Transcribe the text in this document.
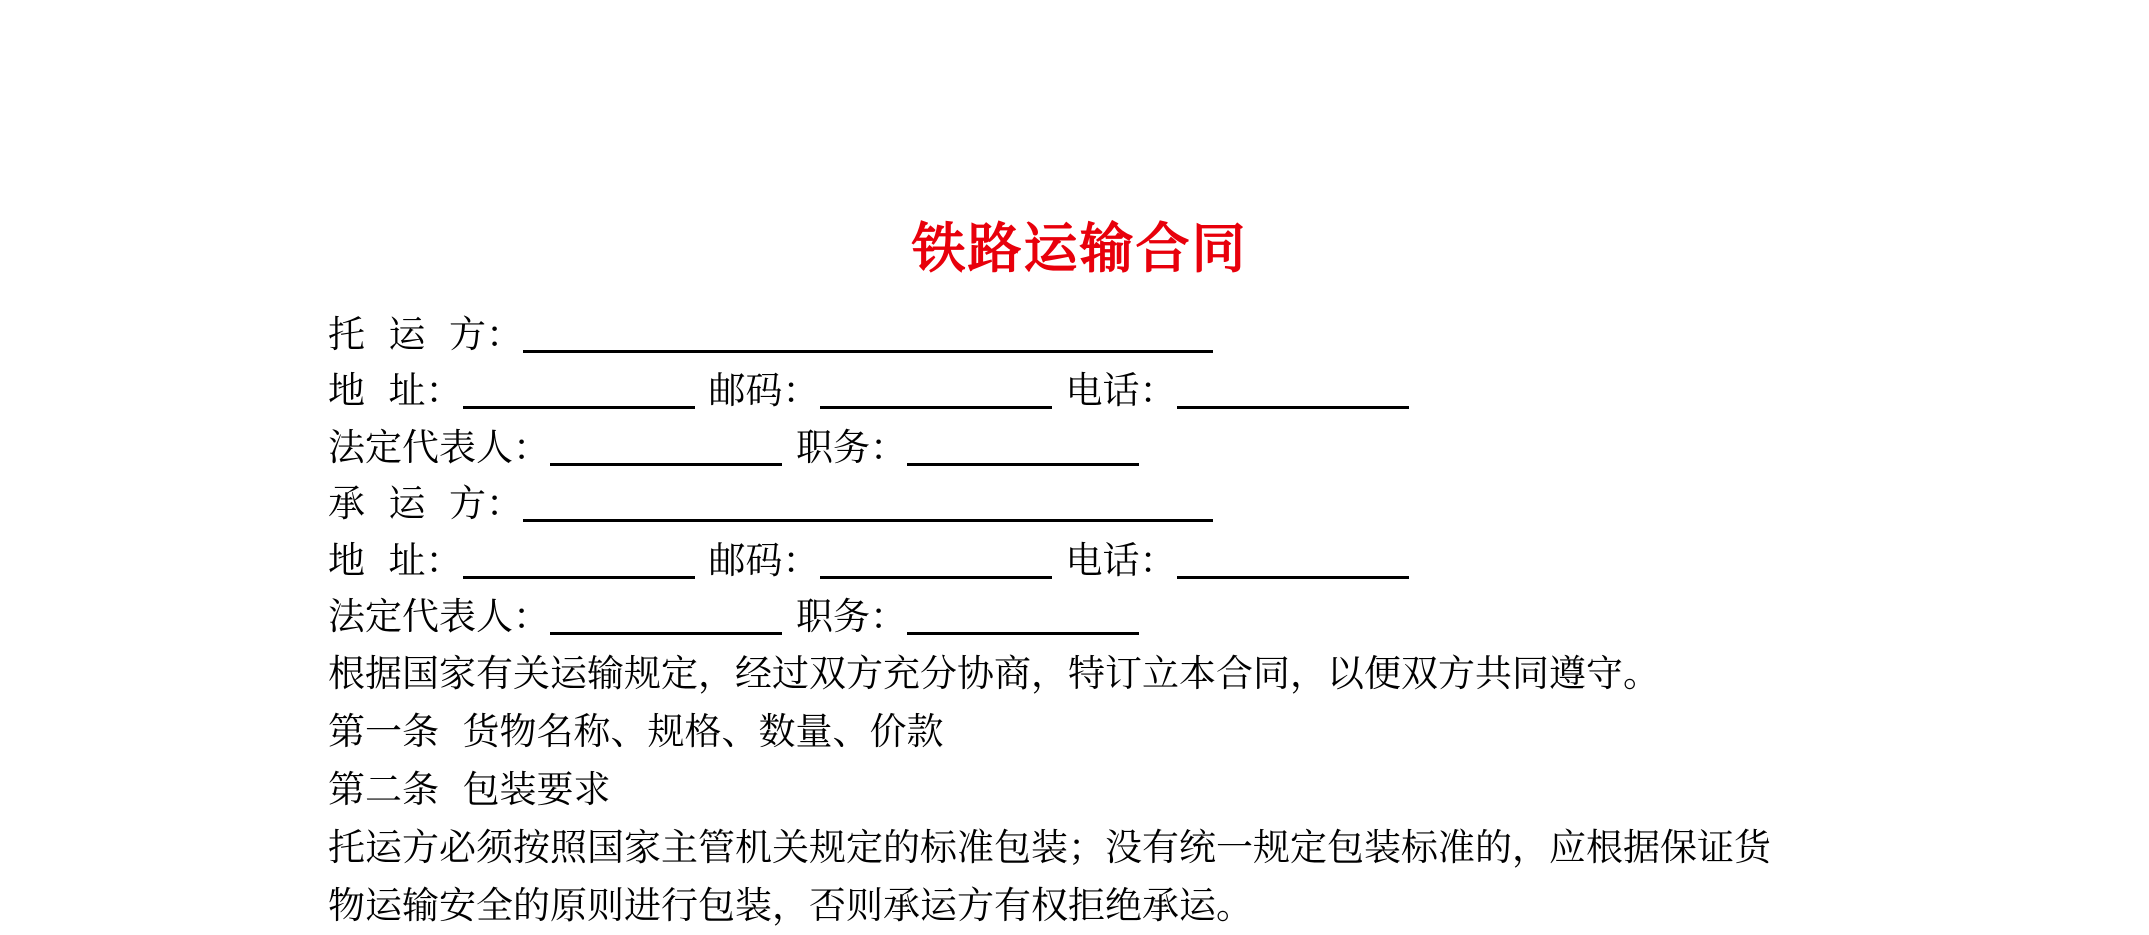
铁路运输合同
托  运  方：
地  址：	邮码：	电话：
法定代表人：	职务：
承  运  方：
地  址：	邮码：	电话：
法定代表人：	职务：
根据国家有关运输规定，经过双方充分协商，特订立本合同，以便双方共同遵守。
第一条  货物名称、规格、数量、价款
第二条  包装要求
托运方必须按照国家主管机关规定的标准包装；没有统一规定包装标准的，应根据保证货
物运输安全的原则进行包装，否则承运方有权拒绝承运。
